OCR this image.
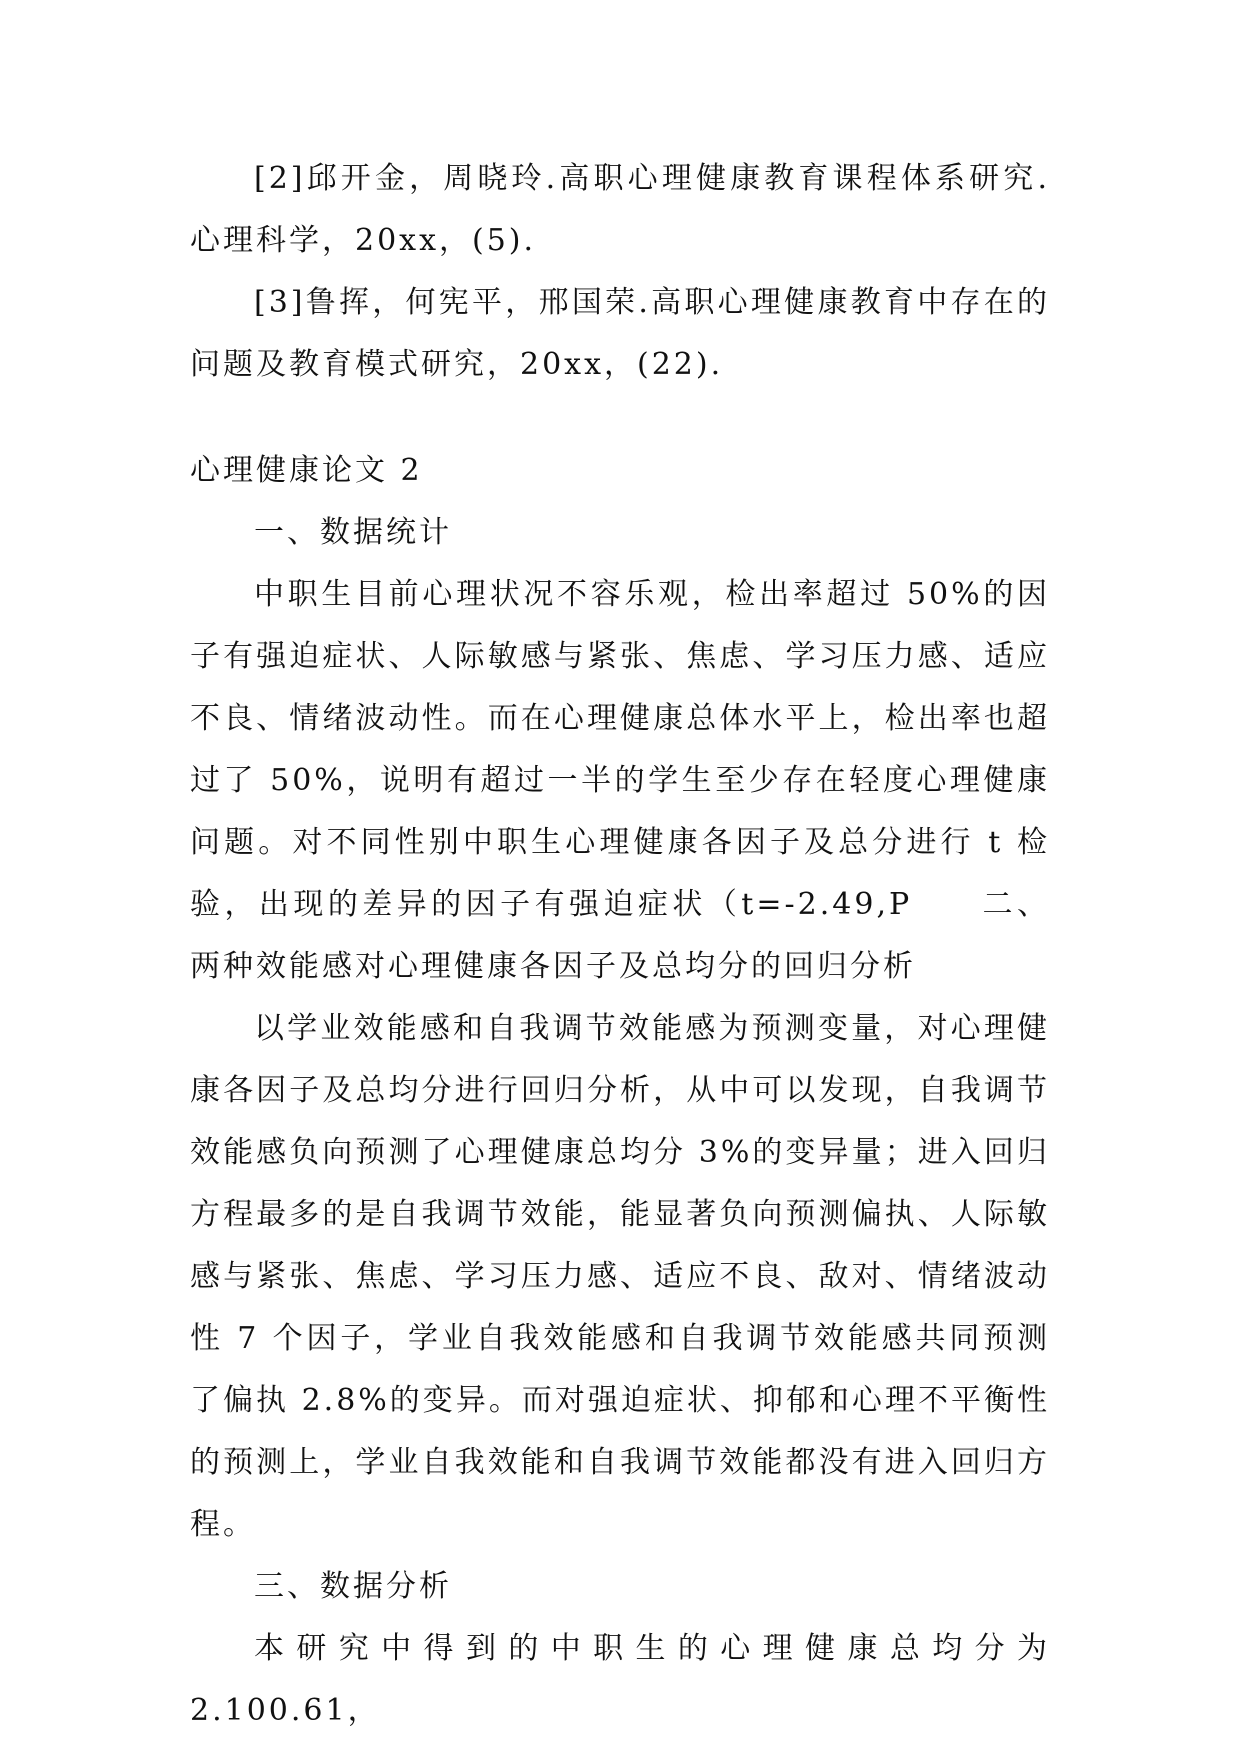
[2]邱开金，周晓玲.高职心理健康教育课程体系研究.心理科学，20xx，(5).

[3]鲁挥，何宪平，邢国荣.高职心理健康教育中存在的问题及教育模式研究，20xx，(22).

心理健康论文 2

一、数据统计

中职生目前心理状况不容乐观，检出率超过 50%的因子有强迫症状、人际敏感与紧张、焦虑、学习压力感、适应不良、情绪波动性。而在心理健康总体水平上，检出率也超过了 50%，说明有超过一半的学生至少存在轻度心理健康问题。对不同性别中职生心理健康各因子及总分进行 t 检验，出现的差异的因子有强迫症状（t=-2.49,P　　二、两种效能感对心理健康各因子及总均分的回归分析

以学业效能感和自我调节效能感为预测变量，对心理健康各因子及总均分进行回归分析，从中可以发现，自我调节效能感负向预测了心理健康总均分 3%的变异量；进入回归方程最多的是自我调节效能，能显著负向预测偏执、人际敏感与紧张、焦虑、学习压力感、适应不良、敌对、情绪波动性 7 个因子，学业自我效能感和自我调节效能感共同预测了偏执 2.8%的变异。而对强迫症状、抑郁和心理不平衡性的预测上，学业自我效能和自我调节效能都没有进入回归方程。

三、数据分析

本研究中得到的中职生的心理健康总均分为 2.100.61，
